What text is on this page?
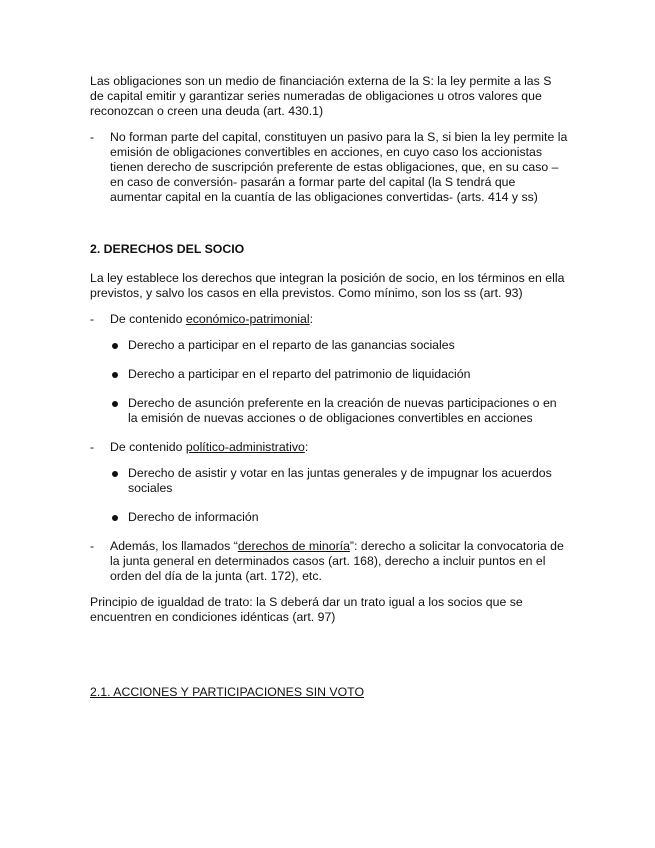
Las obligaciones son un medio de financiación externa de la S: la ley permite a las S de capital emitir y garantizar series numeradas de obligaciones u otros valores que reconozcan o creen una deuda (art. 430.1)

- No forman parte del capital, constituyen un pasivo para la S, si bien la ley permite la emisión de obligaciones convertibles en acciones, en cuyo caso los accionistas tienen derecho de suscripción preferente de estas obligaciones, que, en su caso –en caso de conversión- pasarán a formar parte del capital (la S tendrá que aumentar capital en la cuantía de las obligaciones convertidas- (arts. 414 y ss)

2. DERECHOS DEL SOCIO

La ley establece los derechos que integran la posición de socio, en los términos en ella previstos, y salvo los casos en ella previstos. Como mínimo, son los ss (art. 93)

- De contenido económico-patrimonial:
Derecho a participar en el reparto de las ganancias sociales
Derecho a participar en el reparto del patrimonio de liquidación
Derecho de asunción preferente en la creación de nuevas participaciones o en la emisión de nuevas acciones o de obligaciones convertibles en acciones
- De contenido político-administrativo:
Derecho de asistir y votar en las juntas generales y de impugnar los acuerdos sociales
Derecho de información
- Además, los llamados “derechos de minoría”: derecho a solicitar la convocatoria de la junta general en determinados casos (art. 168), derecho a incluir puntos en el orden del día de la junta (art. 172), etc.

Principio de igualdad de trato: la S deberá dar un trato igual a los socios que se encuentren en condiciones idénticas (art. 97)

2.1. ACCIONES Y PARTICIPACIONES SIN VOTO
